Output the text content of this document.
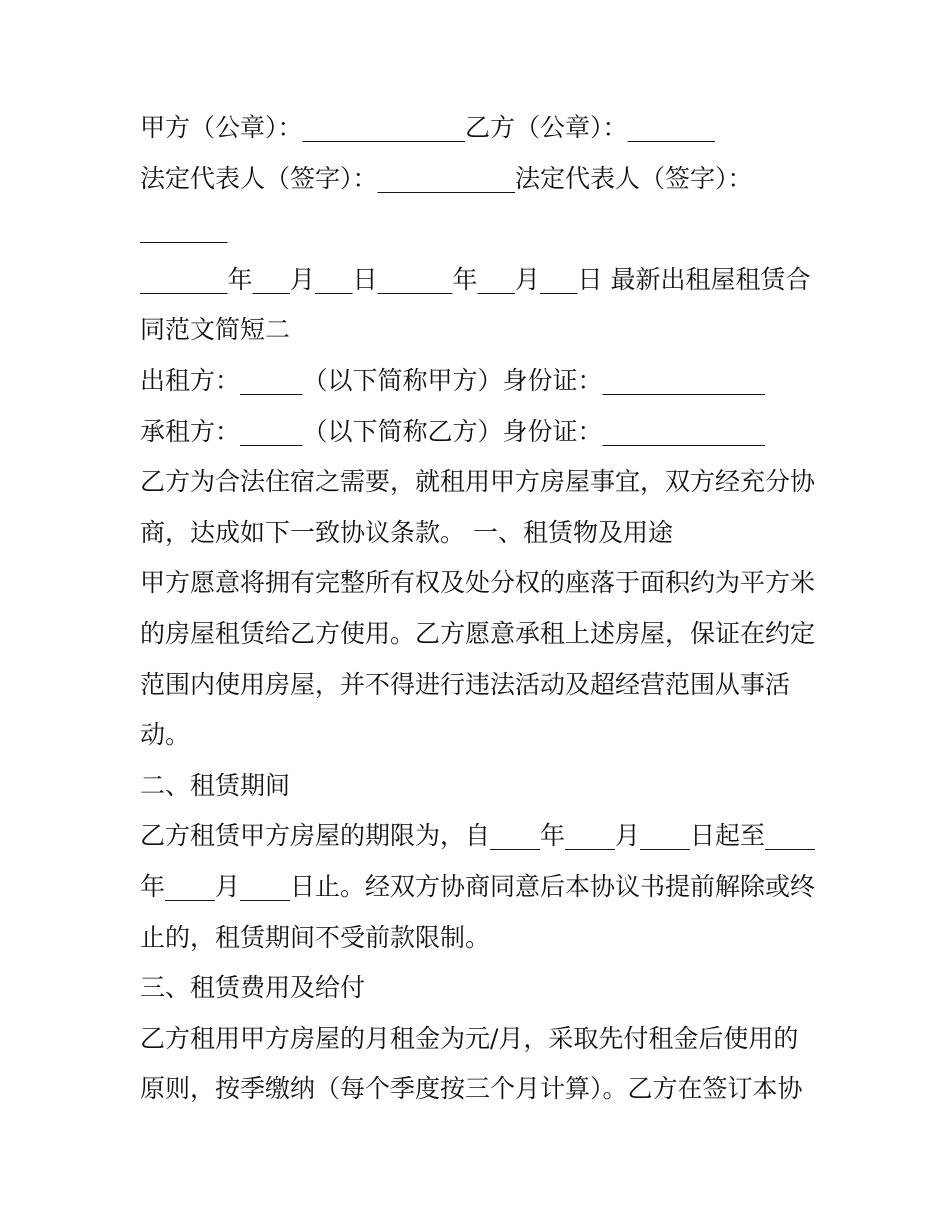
甲方（公章）：_____________乙方（公章）：_______
法定代表人（签字）：___________法定代表人（签字）：
_______
_______年___月___日______年___月___日 最新出租屋租赁合
同范文简短二
出租方：_____（以下简称甲方）身份证：_____________
承租方：_____（以下简称乙方）身份证：_____________
乙方为合法住宿之需要，就租用甲方房屋事宜，双方经充分协
商，达成如下一致协议条款。 一、租赁物及用途
甲方愿意将拥有完整所有权及处分权的座落于面积约为平方米
的房屋租赁给乙方使用。乙方愿意承租上述房屋，保证在约定
范围内使用房屋，并不得进行违法活动及超经营范围从事活
动。
二、租赁期间
乙方租赁甲方房屋的期限为，自____年____月____日起至____
年____月____日止。经双方协商同意后本协议书提前解除或终
止的，租赁期间不受前款限制。
三、租赁费用及给付
乙方租用甲方房屋的月租金为元/月，采取先付租金后使用的
原则，按季缴纳（每个季度按三个月计算）。乙方在签订本协
